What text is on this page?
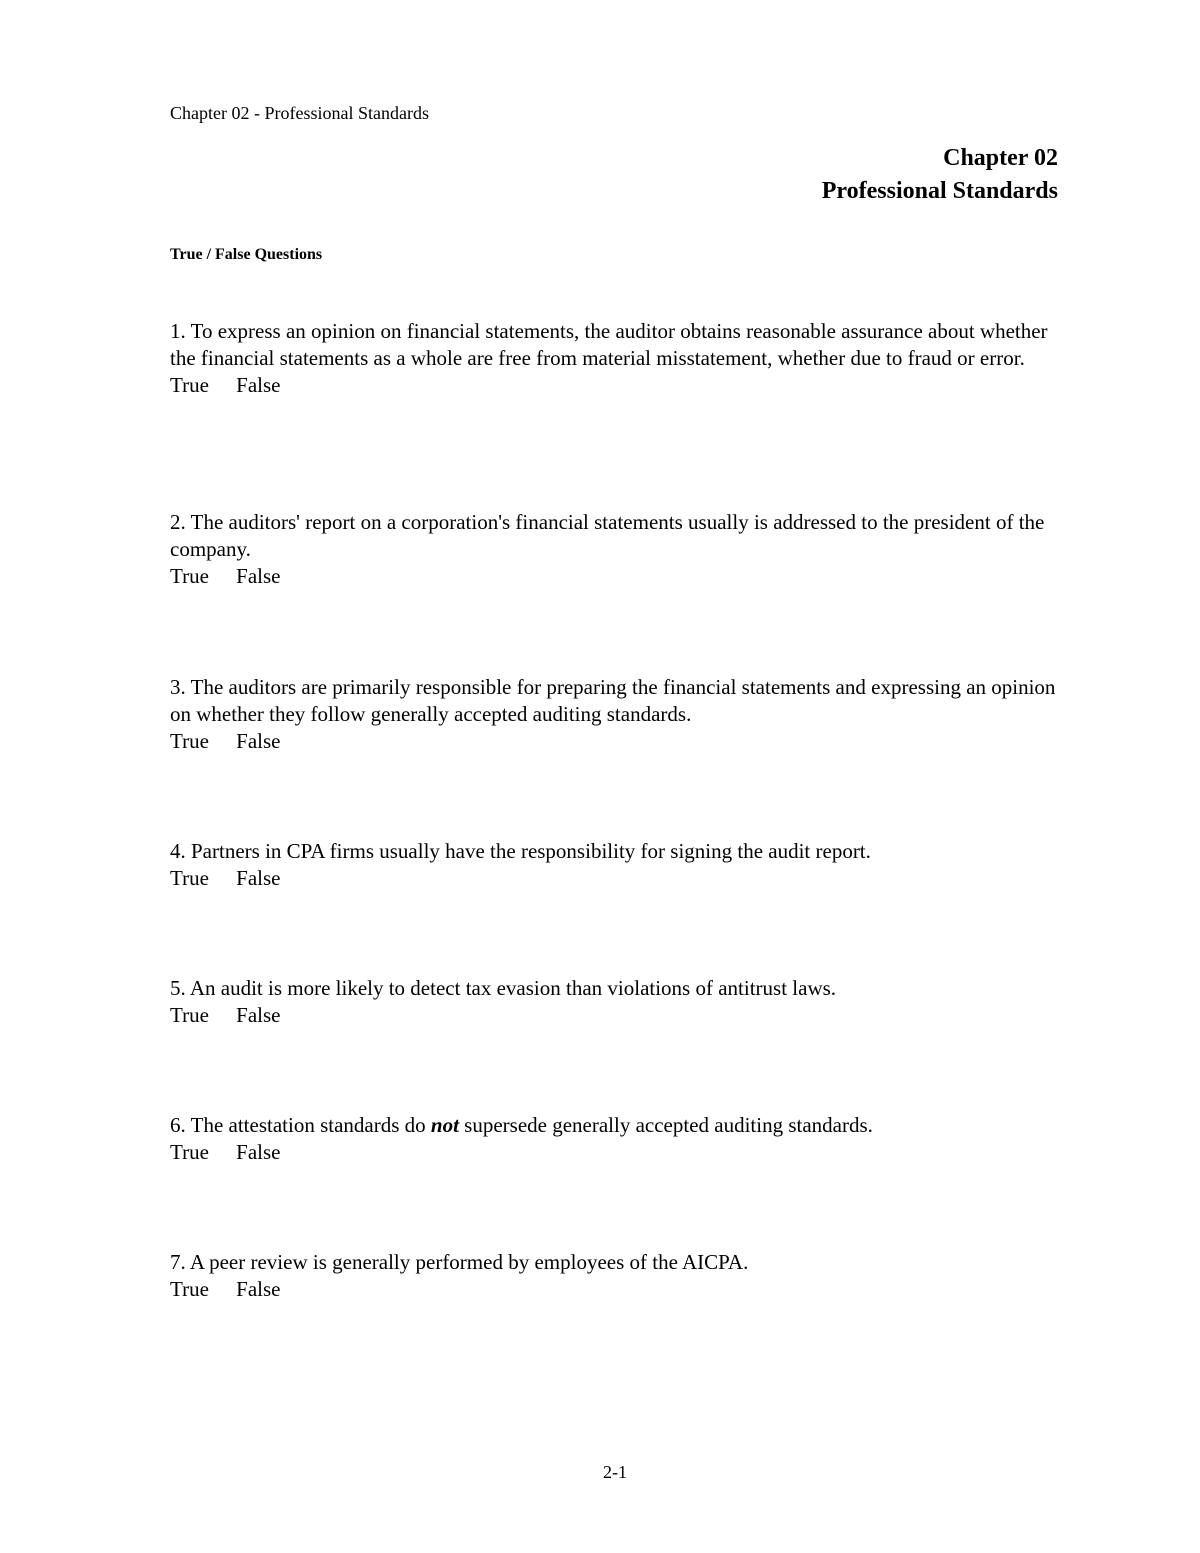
Chapter 02 - Professional Standards
Chapter 02
Professional Standards
True / False Questions

1. To express an opinion on financial statements, the auditor obtains reasonable assurance about whether the financial statements as a whole are free from material misstatement, whether due to fraud or error.

True False

2. The auditors' report on a corporation's financial statements usually is addressed to the president of the company.

True False

3. The auditors are primarily responsible for preparing the financial statements and expressing an opinion on whether they follow generally accepted auditing standards.

True False

4. Partners in CPA firms usually have the responsibility for signing the audit report.

True False

5. An audit is more likely to detect tax evasion than violations of antitrust laws.

True False

6. The attestation standards do not supersede generally accepted auditing standards.

True False

7. A peer review is generally performed by employees of the AICPA.

True False

2-1
